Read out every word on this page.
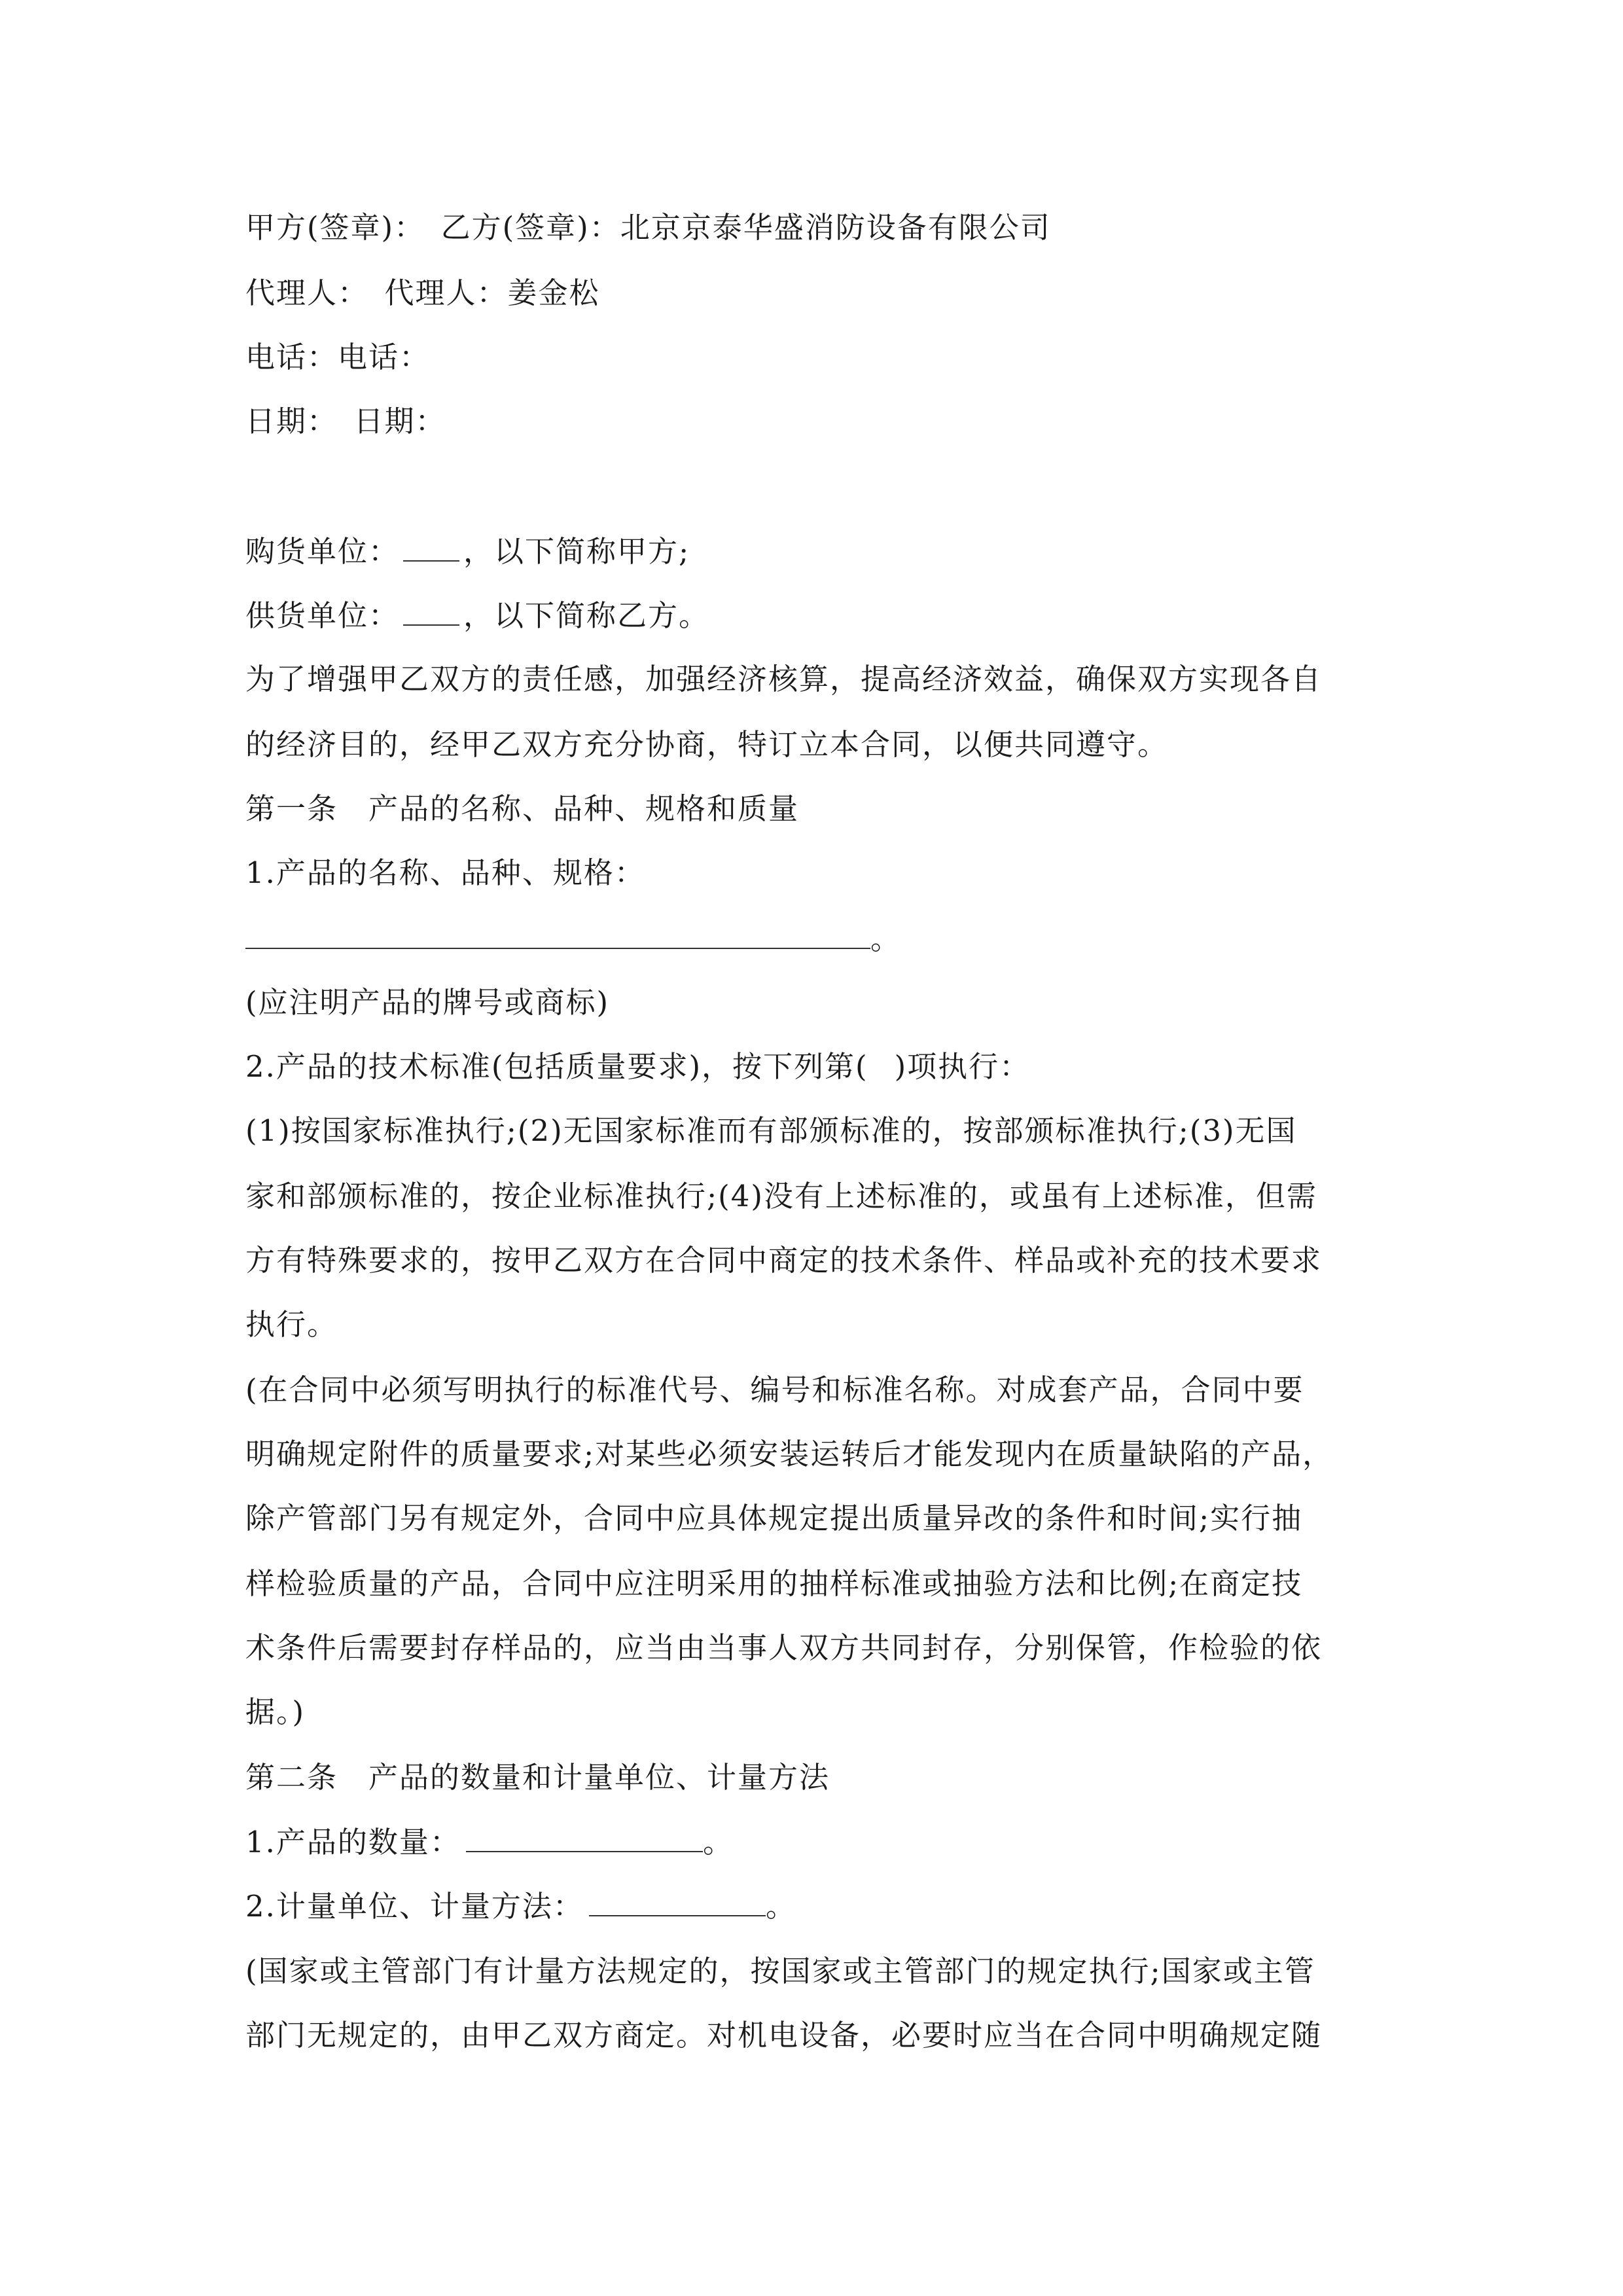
甲方(签章)：　乙方(签章)：北京京泰华盛消防设备有限公司
代理人：　代理人：姜金松
电话：电话：
日期：　日期：
购货单位： ，以下简称甲方;
供货单位： ，以下简称乙方。
为了增强甲乙双方的责任感，加强经济核算，提高经济效益，确保双方实现各自
的经济目的，经甲乙双方充分协商，特订立本合同，以便共同遵守。
第一条　产品的名称、品种、规格和质量
1.产品的名称、品种、规格：
。
(应注明产品的牌号或商标)
2.产品的技术标准(包括质量要求)，按下列第( )项执行：
(1)按国家标准执行;(2)无国家标准而有部颁标准的，按部颁标准执行;(3)无国
家和部颁标准的，按企业标准执行;(4)没有上述标准的，或虽有上述标准，但需
方有特殊要求的，按甲乙双方在合同中商定的技术条件、样品或补充的技术要求
执行。
(在合同中必须写明执行的标准代号、编号和标准名称。对成套产品，合同中要
明确规定附件的质量要求;对某些必须安装运转后才能发现内在质量缺陷的产品，
除产管部门另有规定外，合同中应具体规定提出质量异改的条件和时间;实行抽
样检验质量的产品，合同中应注明采用的抽样标准或抽验方法和比例;在商定技
术条件后需要封存样品的，应当由当事人双方共同封存，分别保管，作检验的依
据。)
第二条　产品的数量和计量单位、计量方法
1.产品的数量：	。
2.计量单位、计量方法：	。
(国家或主管部门有计量方法规定的，按国家或主管部门的规定执行;国家或主管
部门无规定的，由甲乙双方商定。对机电设备，必要时应当在合同中明确规定随
